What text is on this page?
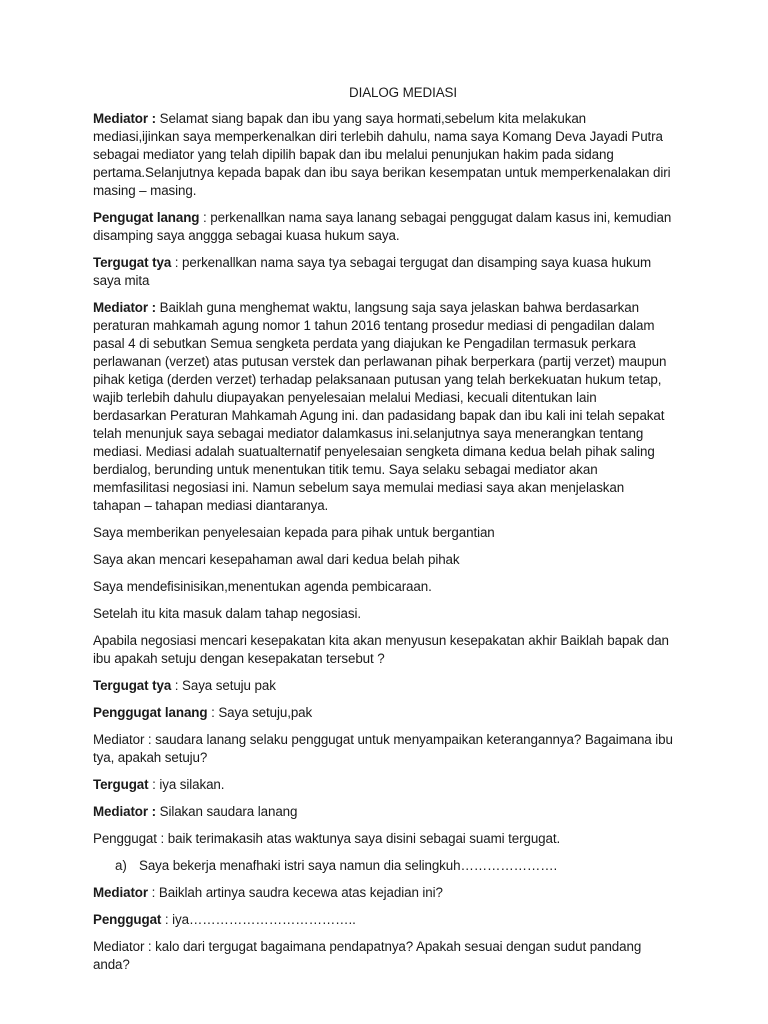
DIALOG MEDIASI

Mediator : Selamat siang bapak dan ibu yang saya hormati,sebelum kita melakukan mediasi,ijinkan saya memperkenalkan diri terlebih dahulu, nama saya Komang Deva Jayadi Putra sebagai mediator yang telah dipilih bapak dan ibu melalui penunjukan hakim pada sidang pertama.Selanjutnya kepada bapak dan ibu saya berikan kesempatan untuk memperkenalakan diri masing – masing.

Pengugat lanang : perkenallkan nama saya lanang sebagai penggugat dalam kasus ini, kemudian disamping saya anggga sebagai kuasa hukum saya.

Tergugat tya : perkenallkan nama saya tya sebagai tergugat dan disamping saya kuasa hukum saya mita

Mediator : Baiklah guna menghemat waktu, langsung saja saya jelaskan bahwa berdasarkan peraturan mahkamah agung nomor 1 tahun 2016 tentang prosedur mediasi di pengadilan dalam pasal 4 di sebutkan Semua sengketa perdata yang diajukan ke Pengadilan termasuk perkara perlawanan (verzet) atas putusan verstek dan perlawanan pihak berperkara (partij verzet) maupun pihak ketiga (derden verzet) terhadap pelaksanaan putusan yang telah berkekuatan hukum tetap, wajib terlebih dahulu diupayakan penyelesaian melalui Mediasi, kecuali ditentukan lain berdasarkan Peraturan Mahkamah Agung ini. dan padasidang bapak dan ibu kali ini telah sepakat telah menunjuk saya sebagai mediator dalamkasus ini.selanjutnya saya menerangkan tentang mediasi. Mediasi adalah suatualternatif penyelesaian sengketa dimana kedua belah pihak saling berdialog, berunding untuk menentukan titik temu. Saya selaku sebagai mediator akan memfasilitasi negosiasi ini. Namun sebelum saya memulai mediasi saya akan menjelaskan tahapan – tahapan mediasi diantaranya.

Saya memberikan penyelesaian kepada para pihak untuk bergantian

Saya akan mencari kesepahaman awal dari kedua belah pihak

Saya mendefisinisikan,menentukan agenda pembicaraan.

Setelah itu kita masuk dalam tahap negosiasi.

Apabila negosiasi mencari kesepakatan kita akan menyusun kesepakatan akhir Baiklah bapak dan ibu apakah setuju dengan kesepakatan tersebut ?

Tergugat tya : Saya setuju pak

Penggugat lanang : Saya setuju,pak

Mediator : saudara lanang selaku penggugat untuk menyampaikan keterangannya? Bagaimana ibu tya, apakah setuju?

Tergugat : iya silakan.

Mediator : Silakan saudara lanang

Penggugat : baik terimakasih atas waktunya saya disini sebagai suami tergugat.

a) Saya bekerja menafhaki istri saya namun dia selingkuh………………….

Mediator : Baiklah artinya saudra kecewa atas kejadian ini?

Penggugat : iya………………………………..

Mediator : kalo dari tergugat bagaimana pendapatnya? Apakah sesuai dengan sudut pandang anda?
